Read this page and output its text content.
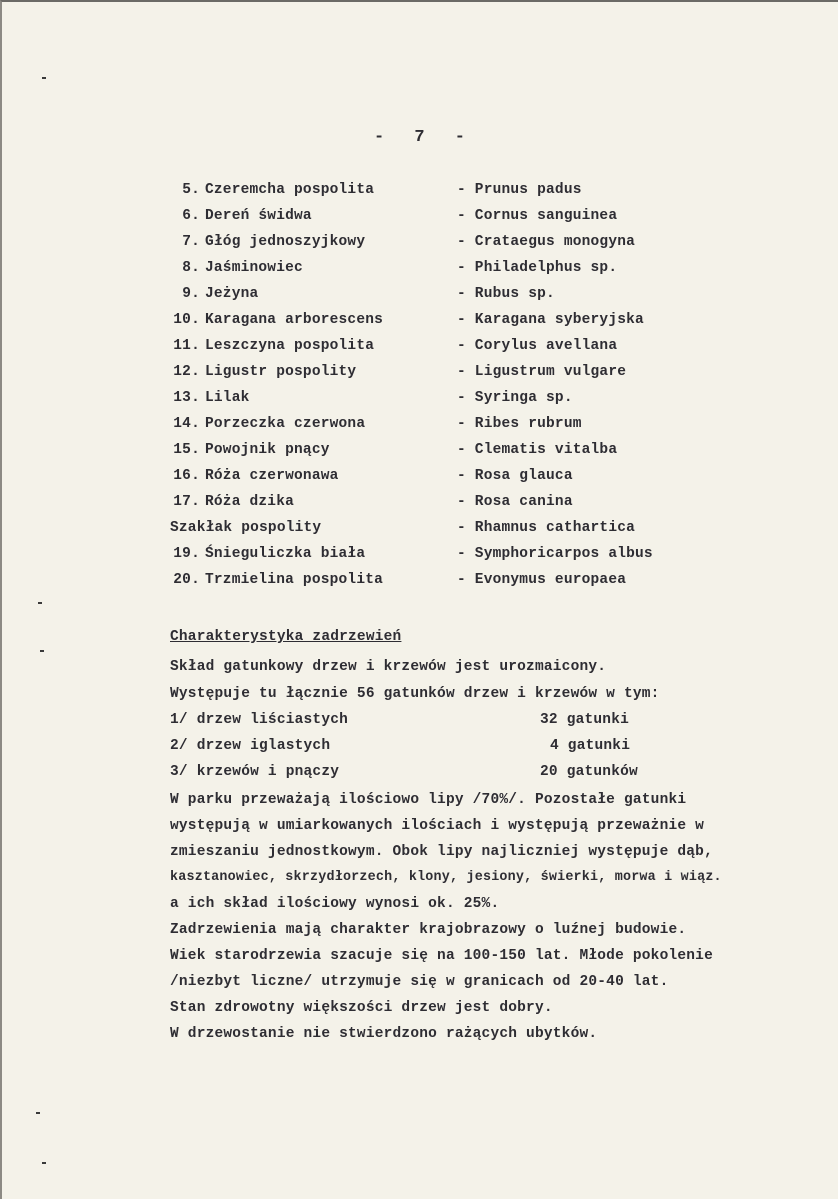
- 7 -
5. Czeremcha pospolita	- Prunus padus
6. Dereń świdwa	- Cornus sanguinea
7. Głóg jednoszyjkowy	- Crataegus monogyna
8. Jaśminowiec	- Philadelphus sp.
9. Jeżyna	- Rubus sp.
10. Karagana arborescens	- Karagana syberyjska
11. Leszczyna pospolita	- Corylus avellana
12. Ligustr pospolity	- Ligustrum vulgare
13. Lilak	- Syringa sp.
14. Porzeczka czerwona	- Ribes rubrum
15. Powojnik pnący	- Clematis vitalba
16. Róża czerwonawa	- Rosa glauca
17. Róża dzika	- Rosa canina
Szakłak pospolity	- Rhamnus cathartica
19. Śnieguliczka biała	- Symphoricarpos albus
20. Trzmielina pospolita	- Evonymus europaea
Charakterystyka zadrzewień
Skład gatunkowy drzew i krzewów jest urozmaicony.
Występuje tu łącznie 56 gatunków drzew i krzewów w tym:
1/ drzew liściastych	32 gatunki
2/ drzew iglastych	4 gatunki
3/ krzewów i pnączy	20 gatunków
W parku przeważają ilościowo lipy /70%/. Pozostałe gatunki
występują w umiarkowanych ilościach i występują przeważnie w
zmieszaniu jednostkowym. Obok lipy najliczniej występuje dąb,
kasztanowiec, skrzydłorzech, klony, jesiony, świerki, morwa i wiąz.
a ich skład ilościowy wynosi ok. 25%.
Zadrzewienia mają charakter krajobrazowy o luźnej budowie.
Wiek starodrzewia szacuje się na 100-150 lat. Młode pokolenie
/niezbyt liczne/ utrzymuje się w granicach od 20-40 lat.
Stan zdrowotny większości drzew jest dobry.
W drzewostanie nie stwierdzono rażących ubytków.
